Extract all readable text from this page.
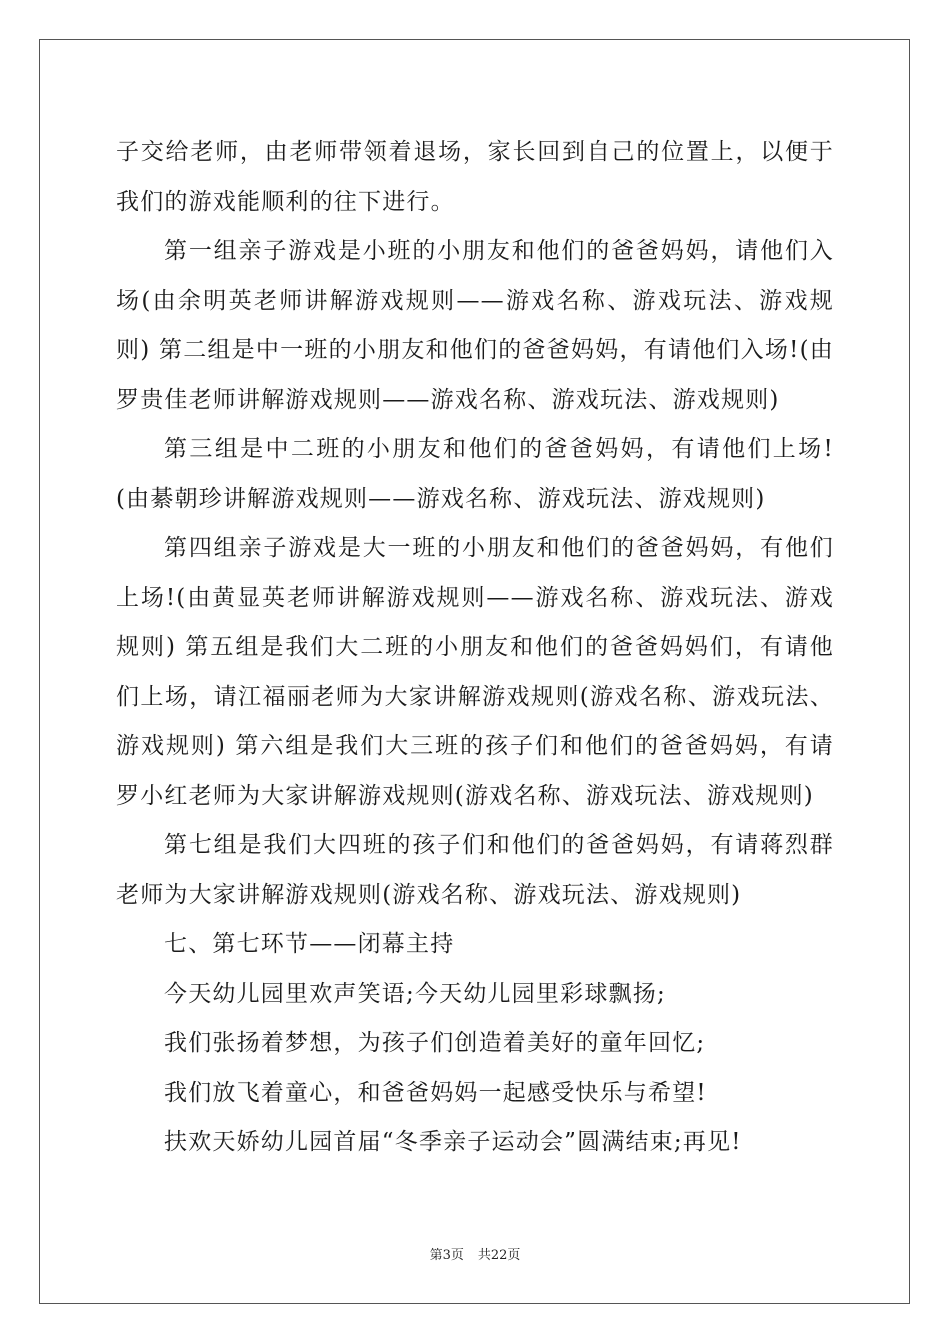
子交给老师，由老师带领着退场，家长回到自己的位置上，以便于我们的游戏能顺利的往下进行。

第一组亲子游戏是小班的小朋友和他们的爸爸妈妈，请他们入场(由余明英老师讲解游戏规则——游戏名称、游戏玩法、游戏规则) 第二组是中一班的小朋友和他们的爸爸妈妈，有请他们入场!(由罗贵佳老师讲解游戏规则——游戏名称、游戏玩法、游戏规则)

第三组是中二班的小朋友和他们的爸爸妈妈，有请他们上场!(由綦朝珍讲解游戏规则——游戏名称、游戏玩法、游戏规则)

第四组亲子游戏是大一班的小朋友和他们的爸爸妈妈，有他们上场!(由黄显英老师讲解游戏规则——游戏名称、游戏玩法、游戏规则) 第五组是我们大二班的小朋友和他们的爸爸妈妈们，有请他们上场，请江福丽老师为大家讲解游戏规则(游戏名称、游戏玩法、游戏规则) 第六组是我们大三班的孩子们和他们的爸爸妈妈，有请罗小红老师为大家讲解游戏规则(游戏名称、游戏玩法、游戏规则)

第七组是我们大四班的孩子们和他们的爸爸妈妈，有请蒋烈群老师为大家讲解游戏规则(游戏名称、游戏玩法、游戏规则)

七、第七环节——闭幕主持

今天幼儿园里欢声笑语;今天幼儿园里彩球飘扬;

我们张扬着梦想，为孩子们创造着美好的童年回忆;

我们放飞着童心，和爸爸妈妈一起感受快乐与希望!

扶欢天娇幼儿园首届“冬季亲子运动会”圆满结束;再见!

第3页 共22页
